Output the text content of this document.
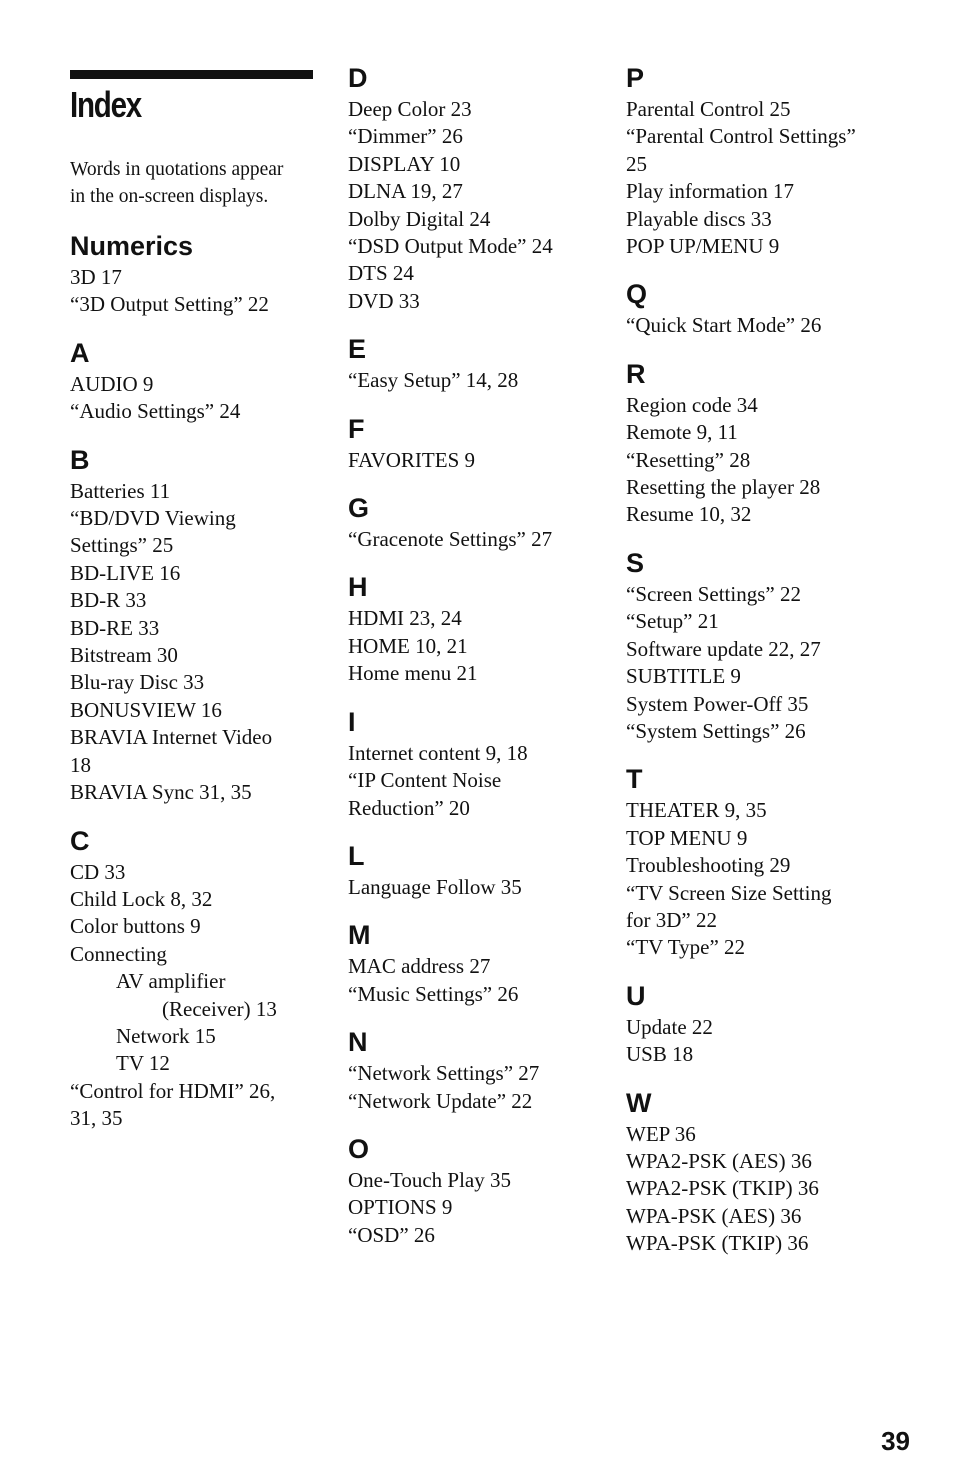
Index
Words in quotations appear
in the on-screen displays.
Numerics
3D 17
“3D Output Setting” 22
A
AUDIO 9
“Audio Settings” 24
B
Batteries 11
“BD/DVD Viewing
Settings” 25
BD-LIVE 16
BD-R 33
BD-RE 33
Bitstream 30
Blu-ray Disc 33
BONUSVIEW 16
BRAVIA Internet Video
18
BRAVIA Sync 31, 35
C
CD 33
Child Lock 8, 32
Color buttons 9
Connecting
AV amplifier
(Receiver) 13
Network 15
TV 12
“Control for HDMI” 26,
31, 35
D
Deep Color 23
“Dimmer” 26
DISPLAY 10
DLNA 19, 27
Dolby Digital 24
“DSD Output Mode” 24
DTS 24
DVD 33
E
“Easy Setup” 14, 28
F
FAVORITES 9
G
“Gracenote Settings” 27
H
HDMI 23, 24
HOME 10, 21
Home menu 21
I
Internet content 9, 18
“IP Content Noise
Reduction” 20
L
Language Follow 35
M
MAC address 27
“Music Settings” 26
N
“Network Settings” 27
“Network Update” 22
O
One-Touch Play 35
OPTIONS 9
“OSD” 26
P
Parental Control 25
“Parental Control Settings”
25
Play information 17
Playable discs 33
POP UP/MENU 9
Q
“Quick Start Mode” 26
R
Region code 34
Remote 9, 11
“Resetting” 28
Resetting the player 28
Resume 10, 32
S
“Screen Settings” 22
“Setup” 21
Software update 22, 27
SUBTITLE 9
System Power-Off 35
“System Settings” 26
T
THEATER 9, 35
TOP MENU 9
Troubleshooting 29
“TV Screen Size Setting
for 3D” 22
“TV Type” 22
U
Update 22
USB 18
W
WEP 36
WPA2-PSK (AES) 36
WPA2-PSK (TKIP) 36
WPA-PSK (AES) 36
WPA-PSK (TKIP) 36
39
